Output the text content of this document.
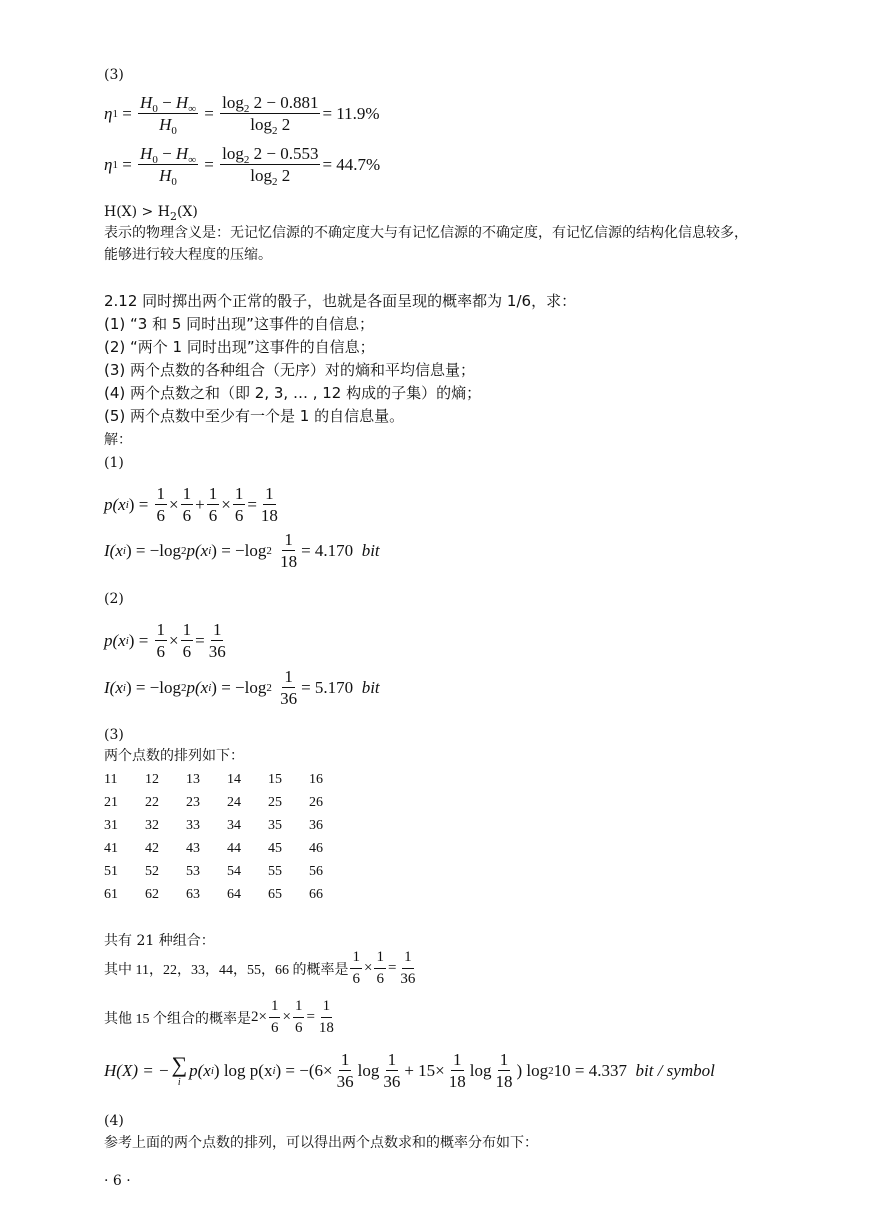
(3)
η $1 = \frac{H_0 - H_\infty}{H_0} = \frac{\log_2 2 - 0.881}{\log_2 2} = 11.9\%$
η $1 = \frac{H_0 - H_\infty}{H_0} = \frac{\log_2 2 - 0.553}{\log_2 2} = 44.7\%$
$H(X) > H_2(X)$
表示的物理含义是：无记忆信源的不确定度大与有记忆信源的不确定度，有记忆信源的结构化信息较多，
能够进行较大程度的压缩。
2.12 同时掷出两个正常的骰子，也就是各面呈现的概率都为 1/6，求：
(1) “3 和 5 同时出现”这事件的自信息；
(2) “两个 1 同时出现”这事件的自信息；
(3) 两个点数的各种组合（无序）对的熵和平均信息量；
(4) 两个点数之和（即 2, 3, … , 12 构成的子集）的熵；
(5) 两个点数中至少有一个是 1 的自信息量。
解：
(1)
p(x i ) =
$\frac{1}{6} \times \frac{1}{6} + \frac{1}{6} \times \frac{1}{6} = \frac{1}{18}$
I(x i ) = −log 2 p(x i ) = −log 2
$\frac{1}{18} = 4.170$
bit
(2)
p(x i ) =
$\frac{1}{6} \times \frac{1}{6} = \frac{1}{36}$
I(x i ) = −log 2 p(x i ) = −log 2
$\frac{1}{36} = 5.170$
bit
(3)
两个点数的排列如下：
11	12	13	14	15	16
21	22	23	24	25	26
31	32	33	34	35	36
41	42	43	44	45	46
51	52	53	54	55	56
61	62	63	64	65	66
共有 21 种组合：
其中 11，22，33，44，55，66 的概率是 $\frac{1}{6} \times \frac{1}{6} = \frac{1}{36}$
其他 15 个组合的概率是 $2\times \frac{1}{6} \times \frac{1}{6} = \frac{1}{18}$
H(X) = − ∑
i
p(x i ) log p(x i ) = $-(6\times \frac{1}{36}$ $\log \frac{1}{36} + 15\times \frac{1}{18}$ $\log \frac{1}{18}$ ) log 2 10 = 4.337
bit / symbol
(4)
参考上面的两个点数的排列，可以得出两个点数求和的概率分布如下：
· 6 ·
